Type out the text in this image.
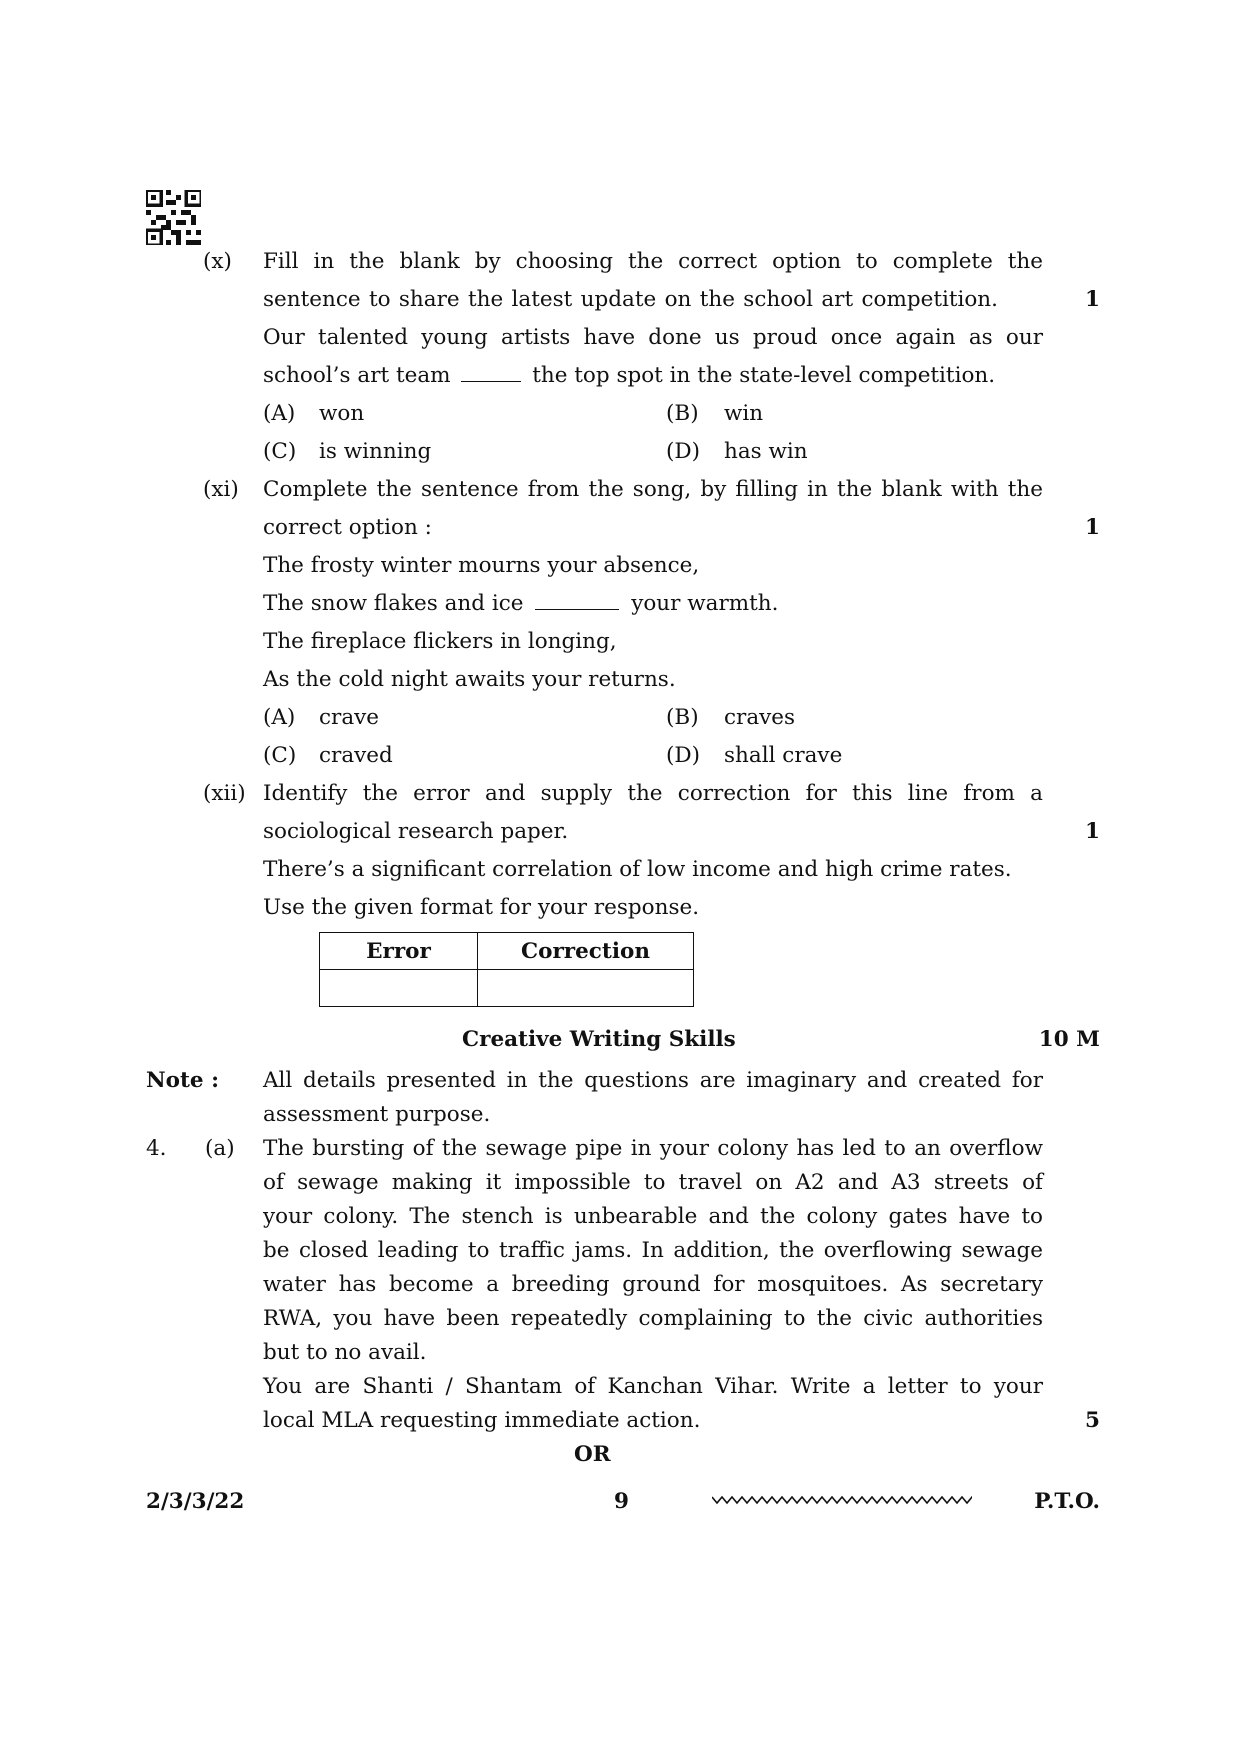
(x) Fill in the blank by choosing the correct option to complete the
sentence to share the latest update on the school art competition.	1
Our talented young artists have done us proud once again as our
school’s art team	the top spot in the state-level competition.
(A) won	(B) win
(C) is winning	(D) has win
(xi) Complete the sentence from the song, by filling in the blank with the
correct option :	1
The frosty winter mourns your absence,
The snow flakes and ice	your warmth.
The fireplace flickers in longing,
As the cold night awaits your returns.
(A) crave	(B) craves
(C) craved	(D) shall crave
(xii) Identify the error and supply the correction for this line from a
sociological research paper.	1
There’s a significant correlation of low income and high crime rates.
Use the given format for your response.
Error	Correction

Creative Writing Skills	10 M
Note : All details presented in the questions are imaginary and created for
assessment purpose.
4. (a) The bursting of the sewage pipe in your colony has led to an overflow
of sewage making it impossible to travel on A2 and A3 streets of
your colony. The stench is unbearable and the colony gates have to
be closed leading to traffic jams. In addition, the overflowing sewage
water has become a breeding ground for mosquitoes. As secretary
RWA, you have been repeatedly complaining to the civic authorities
but to no avail.
You are Shanti / Shantam of Kanchan Vihar. Write a letter to your
local MLA requesting immediate action.	5
OR
2/3/3/22	9	P.T.O.
